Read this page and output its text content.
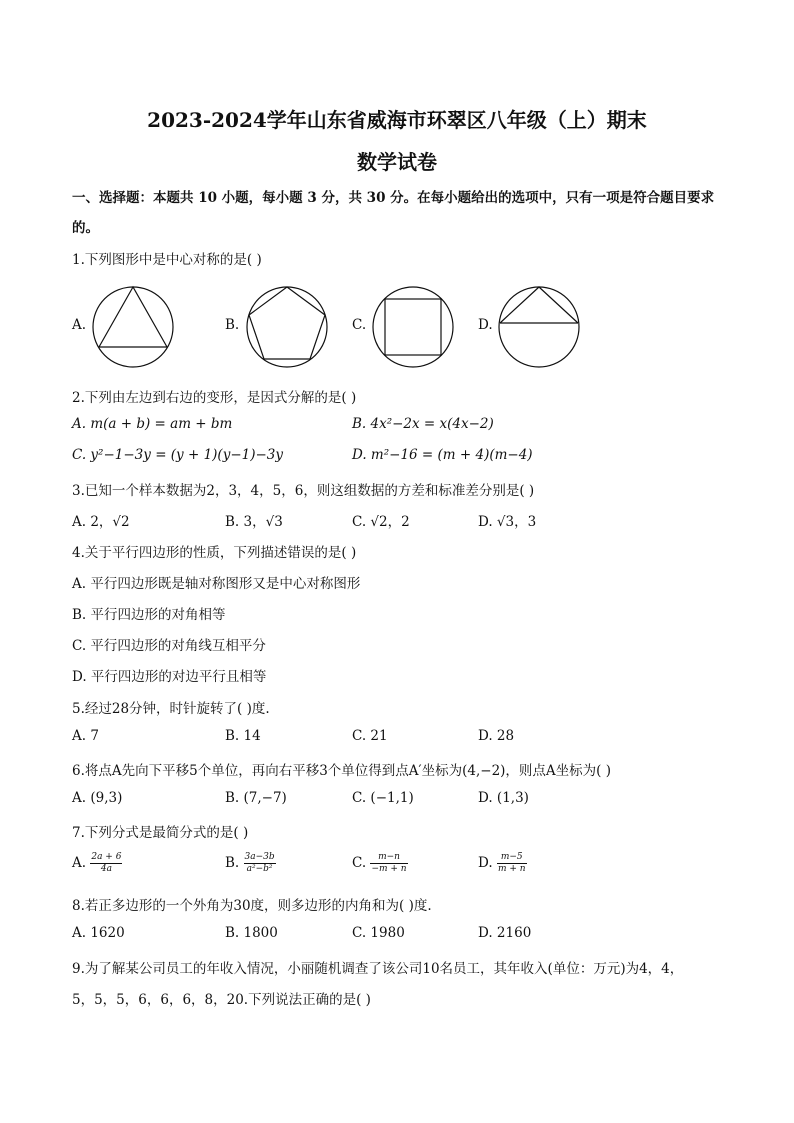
2023-2024学年山东省威海市环翠区八年级（上）期末
数学试卷
一、选择题：本题共 10 小题，每小题 3 分，共 30 分。在每小题给出的选项中，只有一项是符合题目要求
的。
1.下列图形中是中心对称的是( )
A.	B.	C.	D.
2.下列由左边到右边的变形，是因式分解的是( )
A. m(a + b) = am + bm	B. 4x²−2x = x(4x−2)
C. y²−1−3y = (y + 1)(y−1)−3y	D. m²−16 = (m + 4)(m−4)
3.已知一个样本数据为2，3，4，5，6，则这组数据的方差和标准差分别是( )
A. 2，√2	B. 3，√3	C. √2，2	D. √3，3
4.关于平行四边形的性质，下列描述错误的是( )
A. 平行四边形既是轴对称图形又是中心对称图形
B. 平行四边形的对角相等
C. 平行四边形的对角线互相平分
D. 平行四边形的对边平行且相等
5.经过28分钟，时针旋转了( )度.
A. 7	B. 14	C. 21	D. 28
6.将点A先向下平移5个单位，再向右平移3个单位得到点A′坐标为(4,−2)，则点A坐标为( )
A. (9,3)	B. (7,−7)	C. (−1,1)	D. (1,3)
7.下列分式是最简分式的是( )
A. $\frac{2a + 6}{4a}$	B. $\frac{3a-3b}{\text{a²−b²}}$	C. $\frac{m-n}{-m + n}$	D. $\frac{m-5}{m + n}$
8.若正多边形的一个外角为30度，则多边形的内角和为( )度.
A. 1620	B. 1800	C. 1980	D. 2160
9.为了解某公司员工的年收入情况，小丽随机调查了该公司10名员工，其年收入(单位：万元)为4，4，
5，5，5，6，6，6，8，20.下列说法正确的是( )
